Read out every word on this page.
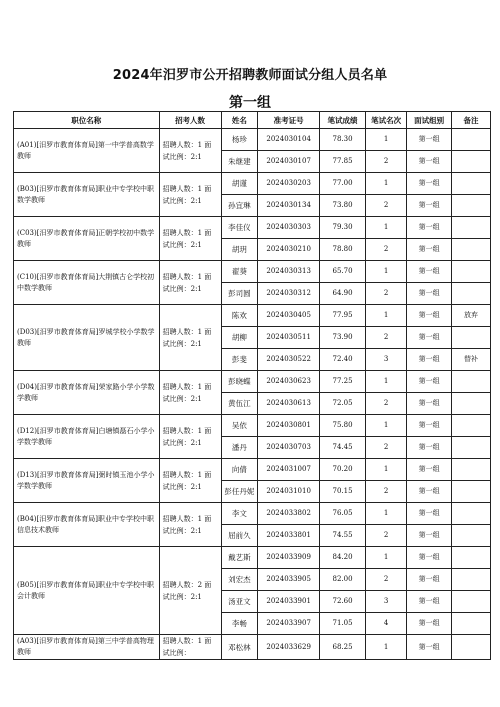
2024年汨罗市公开招聘教师面试分组人员名单
第一组
职位名称	招考人数	姓名	准考证号	笔试成绩	笔试名次	面试组别	备注
(A01)[汨罗市教育体育局]第一中学普高数学教师	招聘人数：1 面试比例：2:1	杨珍	2024030104	78.30	1	第一组	
		朱继建	2024030107	77.85	2	第一组	
(B03)[汨罗市教育体育局]职业中专学校中职数学教师	招聘人数：1 面试比例：2:1	胡谨	2024030203	77.00	1	第一组	
		孙宜琳	2024030134	73.80	2	第一组	
(C03)[汨罗市教育体育局]正朝学校初中数学教师	招聘人数：1 面试比例：2:1	李佳仪	2024030303	79.30	1	第一组	
		胡玥	2024030210	78.80	2	第一组	
(C10)[汨罗市教育体育局]大荆镇古仑学校初中数学教师	招聘人数：1 面试比例：2:1	翟葵	2024030313	65.70	1	第一组	
		彭司圆	2024030312	64.90	2	第一组	
(D03)[汨罗市教育体育局]罗城学校小学数学教师	招聘人数：1 面试比例：2:1	陈欢	2024030405	77.95	1	第一组	放弃
		胡柳	2024030511	73.90	2	第一组	
		彭斐	2024030522	72.40	3	第一组	替补
(D04)[汨罗市教育体育局]荣家路小学小学数学教师	招聘人数：1 面试比例：2:1	彭晓蝶	2024030623	77.25	1	第一组	
		黄伍江	2024030613	72.05	2	第一组	
(D12)[汨罗市教育体育局]白塘镇磊石小学小学数学教师	招聘人数：1 面试比例：2:1	吴依	2024030801	75.80	1	第一组	
		潘丹	2024030703	74.45	2	第一组	
(D13)[汨罗市教育体育局]弼时镇玉池小学小学数学教师	招聘人数：1 面试比例：2:1	向倩	2024031007	70.20	1	第一组	
		彭任丹妮	2024031010	70.15	2	第一组	
(B04)[汨罗市教育体育局]职业中专学校中职信息技术教师	招聘人数：1 面试比例：2:1	李文	2024033802	76.05	1	第一组	
		屈前久	2024033801	74.55	2	第一组	
(B05)[汨罗市教育体育局]职业中专学校中职会计教师	招聘人数：2 面试比例：2:1	戴艺斯	2024033909	84.20	1	第一组	
		刘宏杰	2024033905	82.00	2	第一组	
		汤亚文	2024033901	72.60	3	第一组	
		李畅	2024033907	71.05	4	第一组	
(A03)[汨罗市教育体育局]第三中学普高物理教师	招聘人数：1 面试比例：	邓松林	2024033629	68.25	1	第一组	
